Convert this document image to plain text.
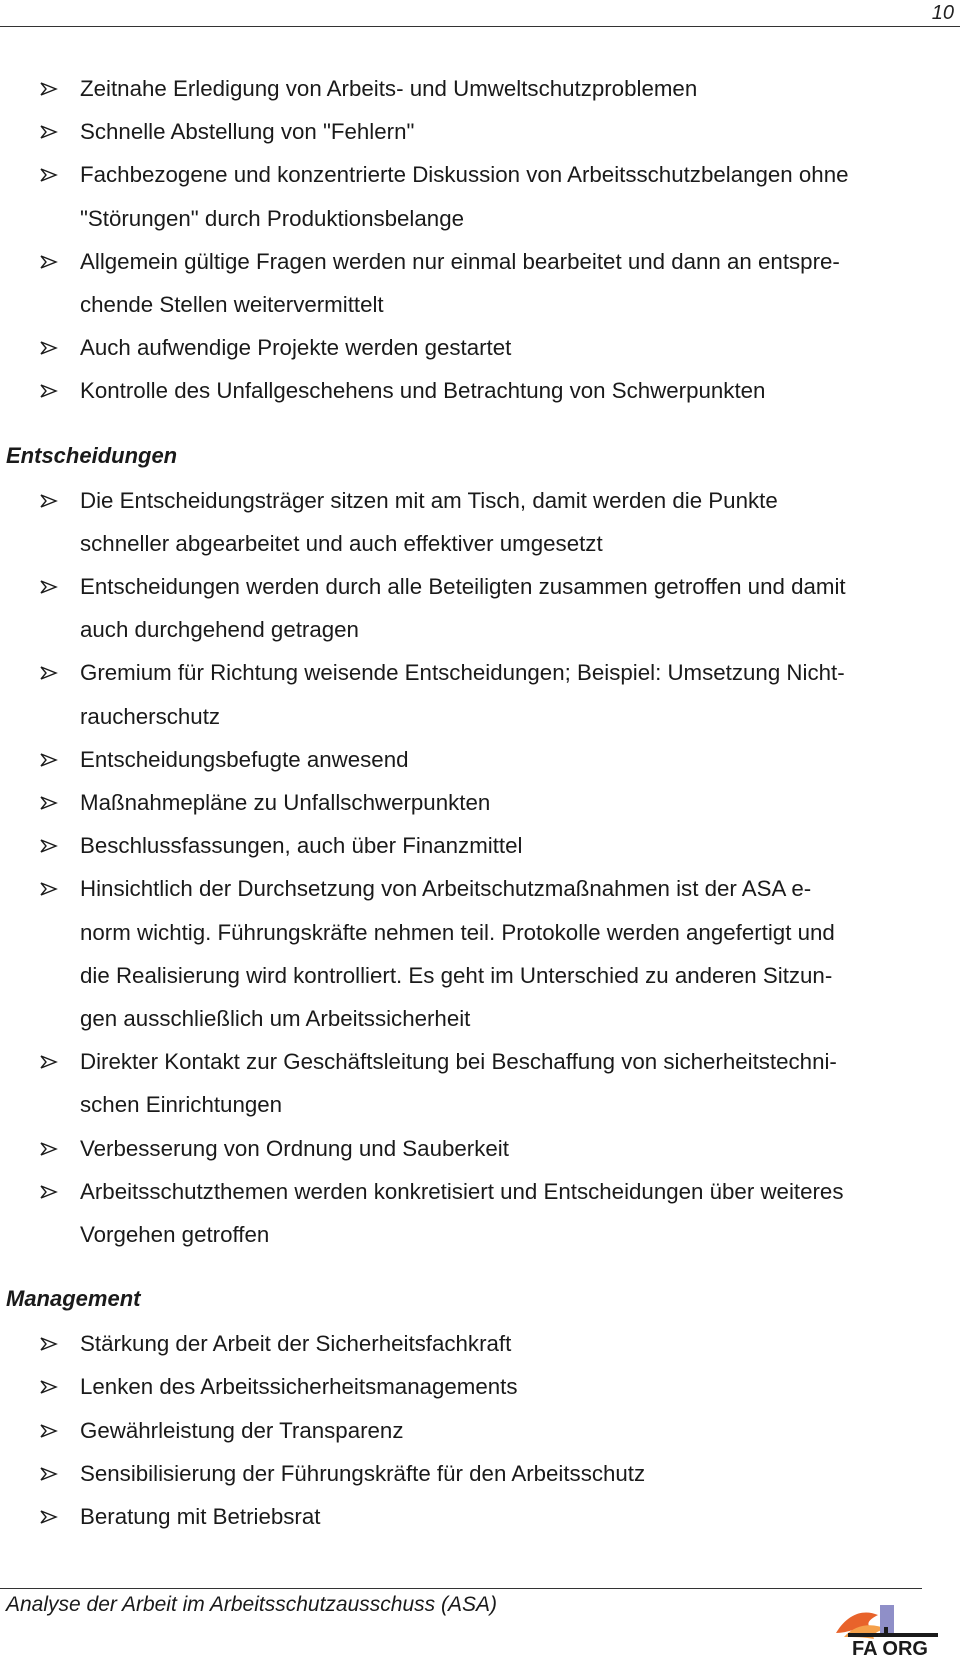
10
Zeitnahe Erledigung von Arbeits- und Umweltschutzproblemen
Schnelle Abstellung von "Fehlern"
Fachbezogene und konzentrierte Diskussion von Arbeitsschutzbelangen ohne
"Störungen" durch Produktionsbelange
Allgemein gültige Fragen werden nur einmal bearbeitet und dann an entspre-
chende Stellen weitervermittelt
Auch aufwendige Projekte werden gestartet
Kontrolle des Unfallgeschehens und Betrachtung von Schwerpunkten
Entscheidungen
Die Entscheidungsträger sitzen mit am Tisch, damit werden die Punkte
schneller abgearbeitet und auch effektiver umgesetzt
Entscheidungen werden durch alle Beteiligten zusammen getroffen und damit
auch durchgehend getragen
Gremium für Richtung weisende Entscheidungen; Beispiel: Umsetzung Nicht-
raucherschutz
Entscheidungsbefugte anwesend
Maßnahmepläne zu Unfallschwerpunkten
Beschlussfassungen, auch über Finanzmittel
Hinsichtlich der Durchsetzung von Arbeitschutzmaßnahmen ist der ASA e-
norm wichtig. Führungskräfte nehmen teil. Protokolle werden angefertigt und
die Realisierung wird kontrolliert. Es geht im Unterschied zu anderen Sitzun-
gen ausschließlich um Arbeitssicherheit
Direkter Kontakt zur Geschäftsleitung bei Beschaffung von sicherheitstechni-
schen Einrichtungen
Verbesserung von Ordnung und Sauberkeit
Arbeitsschutzthemen werden konkretisiert und Entscheidungen über weiteres
Vorgehen getroffen
Management
Stärkung der Arbeit der Sicherheitsfachkraft
Lenken des Arbeitssicherheitsmanagements
Gewährleistung der Transparenz
Sensibilisierung der Führungskräfte für den Arbeitsschutz
Beratung mit Betriebsrat
Analyse der Arbeit im Arbeitsschutzausschuss (ASA)
FA ORG
